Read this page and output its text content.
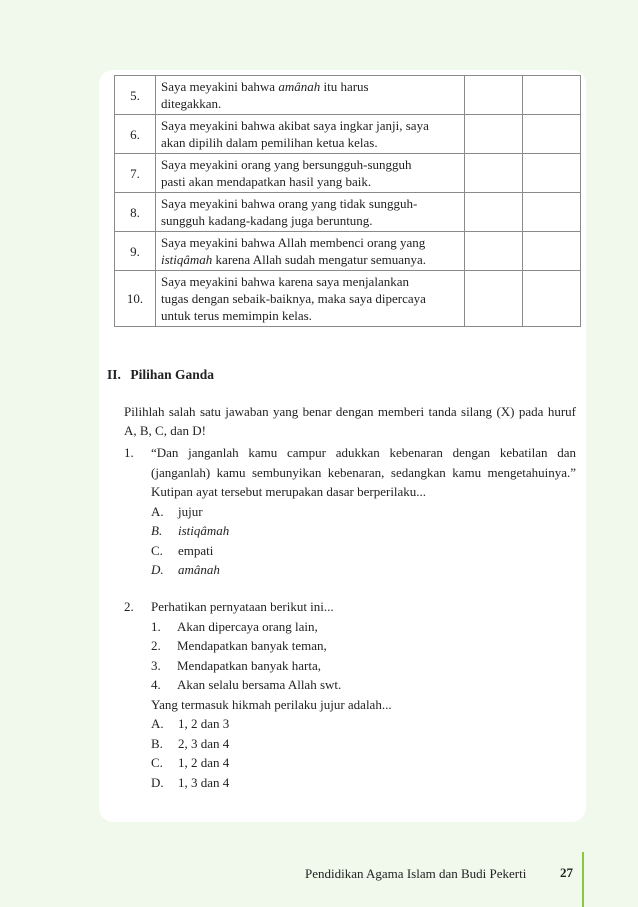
5.	Saya meyakini bahwa amânah itu harus
ditegakkan.		
6.	Saya meyakini bahwa akibat saya ingkar janji, saya
akan dipilih dalam pemilihan ketua kelas.		
7.	Saya meyakini orang yang bersungguh-sungguh
pasti akan mendapatkan hasil yang baik.		
8.	Saya meyakini bahwa orang yang tidak sungguh-
sungguh kadang-kadang juga beruntung.		
9.	Saya meyakini bahwa Allah membenci orang yang
istiqâmah karena Allah sudah mengatur semuanya.		
10.	Saya meyakini bahwa karena saya menjalankan
tugas dengan sebaik-baiknya, maka saya dipercaya
untuk terus memimpin kelas.		
II. Pilihan Ganda
Pilihlah salah satu jawaban yang benar dengan memberi tanda silang (X) pada huruf A, B, C, dan D!
1.	“Dan janganlah kamu campur adukkan kebenaran dengan kebatilan dan (janganlah) kamu sembunyikan kebenaran, sedangkan kamu mengetahuinya.” Kutipan ayat tersebut merupakan dasar berperilaku...
A.	jujur
B.	istiqâmah
C.	empati
D.	amânah
2.	Perhatikan pernyataan berikut ini...
1.	Akan dipercaya orang lain,
2.	Mendapatkan banyak teman,
3.	Mendapatkan banyak harta,
4.	Akan selalu bersama Allah swt.
Yang termasuk hikmah perilaku jujur adalah...
A.	1, 2 dan 3
B.	2, 3 dan 4
C.	1, 2 dan 4
D.	1, 3 dan 4
Pendidikan Agama Islam dan Budi Pekerti	27
